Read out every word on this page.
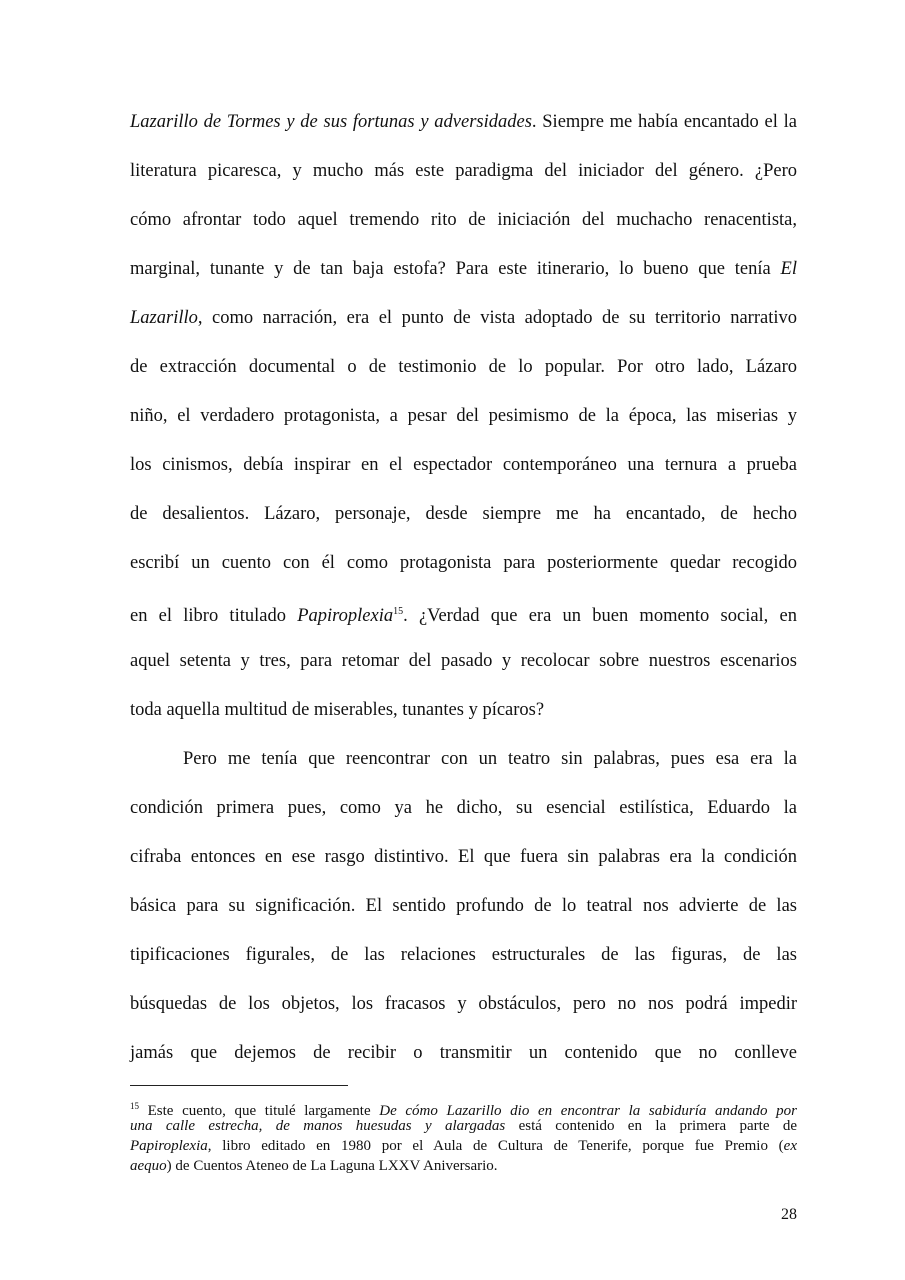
Lazarillo de Tormes y de sus fortunas y adversidades. Siempre me había encantado el la
literatura picaresca, y mucho más este paradigma del iniciador del género. ¿Pero
cómo afrontar todo aquel tremendo rito de iniciación del muchacho renacentista,
marginal, tunante y de tan baja estofa? Para este itinerario, lo bueno que tenía El
Lazarillo, como narración, era el punto de vista adoptado de su territorio narrativo
de extracción documental o de testimonio de lo popular. Por otro lado, Lázaro
niño, el verdadero protagonista, a pesar del pesimismo de la época, las miserias y
los cinismos, debía inspirar en el espectador contemporáneo una ternura a prueba
de desalientos. Lázaro, personaje, desde siempre me ha encantado, de hecho
escribí un cuento con él como protagonista para posteriormente quedar recogido
en el libro titulado Papiroplexia$^{15}$. ¿Verdad que era un buen momento social, en
aquel setenta y tres, para retomar del pasado y recolocar sobre nuestros escenarios
toda aquella multitud de miserables, tunantes y pícaros?
Pero me tenía que reencontrar con un teatro sin palabras, pues esa era la
condición primera pues, como ya he dicho, su esencial estilística, Eduardo la
cifraba entonces en ese rasgo distintivo. El que fuera sin palabras era la condición
básica para su significación. El sentido profundo de lo teatral nos advierte de las
tipificaciones figurales, de las relaciones estructurales de las figuras, de las
búsquedas de los objetos, los fracasos y obstáculos, pero no nos podrá impedir
jamás que dejemos de recibir o transmitir un contenido que no conlleve
$^{15}$ Este cuento, que titulé largamente De cómo Lazarillo dio en encontrar la sabiduría andando por
una calle estrecha, de manos huesudas y alargadas está contenido en la primera parte de
Papiroplexia, libro editado en 1980 por el Aula de Cultura de Tenerife, porque fue Premio (ex
aequo) de Cuentos Ateneo de La Laguna LXXV Aniversario.
28
